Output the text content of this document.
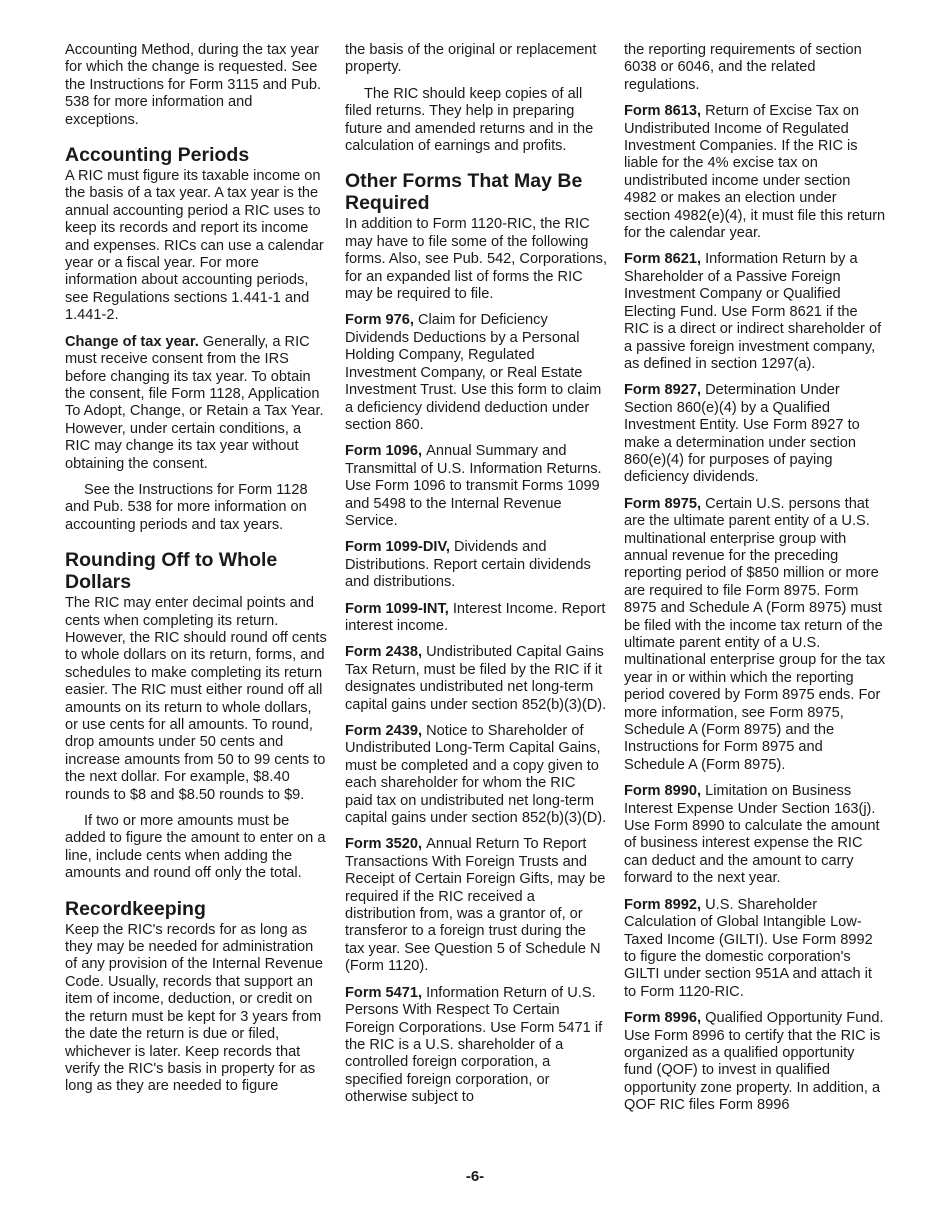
Accounting Method, during the tax year for which the change is requested. See the Instructions for Form 3115 and Pub. 538 for more information and exceptions.

Accounting Periods

A RIC must figure its taxable income on the basis of a tax year. A tax year is the annual accounting period a RIC uses to keep its records and report its income and expenses. RICs can use a calendar year or a fiscal year. For more information about accounting periods, see Regulations sections 1.441-1 and 1.441-2.

Change of tax year. Generally, a RIC must receive consent from the IRS before changing its tax year. To obtain the consent, file Form 1128, Application To Adopt, Change, or Retain a Tax Year. However, under certain conditions, a RIC may change its tax year without obtaining the consent.

See the Instructions for Form 1128 and Pub. 538 for more information on accounting periods and tax years.

Rounding Off to Whole Dollars

The RIC may enter decimal points and cents when completing its return. However, the RIC should round off cents to whole dollars on its return, forms, and schedules to make completing its return easier. The RIC must either round off all amounts on its return to whole dollars, or use cents for all amounts. To round, drop amounts under 50 cents and increase amounts from 50 to 99 cents to the next dollar. For example, $8.40 rounds to $8 and $8.50 rounds to $9.

If two or more amounts must be added to figure the amount to enter on a line, include cents when adding the amounts and round off only the total.

Recordkeeping

Keep the RIC's records for as long as they may be needed for administration of any provision of the Internal Revenue Code. Usually, records that support an item of income, deduction, or credit on the return must be kept for 3 years from the date the return is due or filed, whichever is later. Keep records that verify the RIC's basis in property for as long as they are needed to figure

the basis of the original or replacement property.

The RIC should keep copies of all filed returns. They help in preparing future and amended returns and in the calculation of earnings and profits.

Other Forms That May Be Required

In addition to Form 1120-RIC, the RIC may have to file some of the following forms. Also, see Pub. 542, Corporations, for an expanded list of forms the RIC may be required to file.

Form 976, Claim for Deficiency Dividends Deductions by a Personal Holding Company, Regulated Investment Company, or Real Estate Investment Trust. Use this form to claim a deficiency dividend deduction under section 860.

Form 1096, Annual Summary and Transmittal of U.S. Information Returns. Use Form 1096 to transmit Forms 1099 and 5498 to the Internal Revenue Service.

Form 1099-DIV, Dividends and Distributions. Report certain dividends and distributions.

Form 1099-INT, Interest Income. Report interest income.

Form 2438, Undistributed Capital Gains Tax Return, must be filed by the RIC if it designates undistributed net long-term capital gains under section 852(b)(3)(D).

Form 2439, Notice to Shareholder of Undistributed Long-Term Capital Gains, must be completed and a copy given to each shareholder for whom the RIC paid tax on undistributed net long-term capital gains under section 852(b)(3)(D).

Form 3520, Annual Return To Report Transactions With Foreign Trusts and Receipt of Certain Foreign Gifts, may be required if the RIC received a distribution from, was a grantor of, or transferor to a foreign trust during the tax year. See Question 5 of Schedule N (Form 1120).

Form 5471, Information Return of U.S. Persons With Respect To Certain Foreign Corporations. Use Form 5471 if the RIC is a U.S. shareholder of a controlled foreign corporation, a specified foreign corporation, or otherwise subject to

the reporting requirements of section 6038 or 6046, and the related regulations.

Form 8613, Return of Excise Tax on Undistributed Income of Regulated Investment Companies. If the RIC is liable for the 4% excise tax on undistributed income under section 4982 or makes an election under section 4982(e)(4), it must file this return for the calendar year.

Form 8621, Information Return by a Shareholder of a Passive Foreign Investment Company or Qualified Electing Fund. Use Form 8621 if the RIC is a direct or indirect shareholder of a passive foreign investment company, as defined in section 1297(a).

Form 8927, Determination Under Section 860(e)(4) by a Qualified Investment Entity. Use Form 8927 to make a determination under section 860(e)(4) for purposes of paying deficiency dividends.

Form 8975, Certain U.S. persons that are the ultimate parent entity of a U.S. multinational enterprise group with annual revenue for the preceding reporting period of $850 million or more are required to file Form 8975. Form 8975 and Schedule A (Form 8975) must be filed with the income tax return of the ultimate parent entity of a U.S. multinational enterprise group for the tax year in or within which the reporting period covered by Form 8975 ends. For more information, see Form 8975, Schedule A (Form 8975) and the Instructions for Form 8975 and Schedule A (Form 8975).

Form 8990, Limitation on Business Interest Expense Under Section 163(j). Use Form 8990 to calculate the amount of business interest expense the RIC can deduct and the amount to carry forward to the next year.

Form 8992, U.S. Shareholder Calculation of Global Intangible Low-Taxed Income (GILTI). Use Form 8992 to figure the domestic corporation's GILTI under section 951A and attach it to Form 1120-RIC.

Form 8996, Qualified Opportunity Fund. Use Form 8996 to certify that the RIC is organized as a qualified opportunity fund (QOF) to invest in qualified opportunity zone property. In addition, a QOF RIC files Form 8996

-6-
